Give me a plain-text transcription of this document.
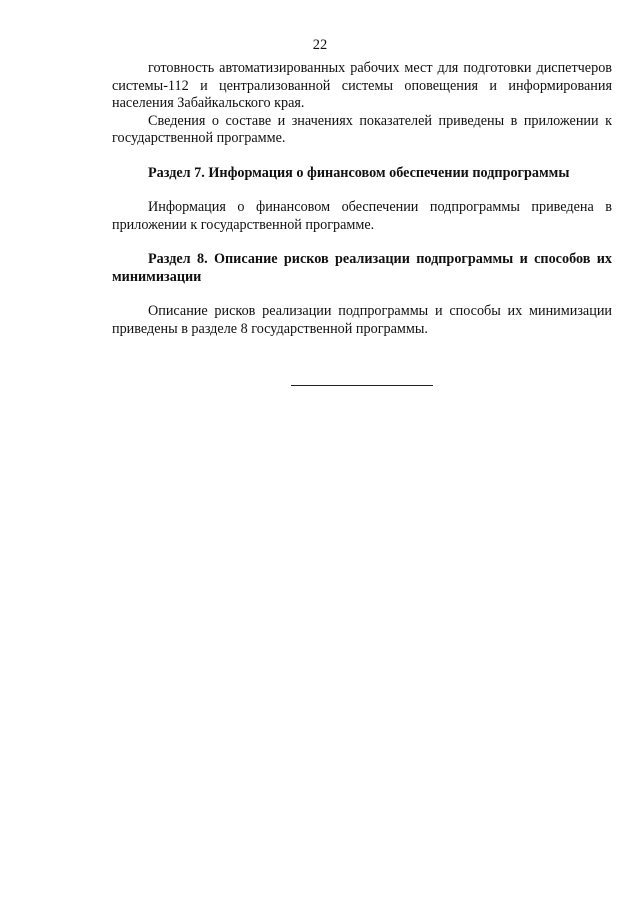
22

готовность автоматизированных рабочих мест для подготовки диспетчеров системы-112 и централизованной системы оповещения и информирования населения Забайкальского края.

Сведения о составе и значениях показателей приведены в приложении к государственной программе.

Раздел 7. Информация о финансовом обеспечении подпрограммы

Информация о финансовом обеспечении подпрограммы приведена в приложении к государственной программе.

Раздел 8. Описание рисков реализации подпрограммы и способов их минимизации

Описание рисков реализации подпрограммы и способы их минимизации приведены в разделе 8 государственной программы.
